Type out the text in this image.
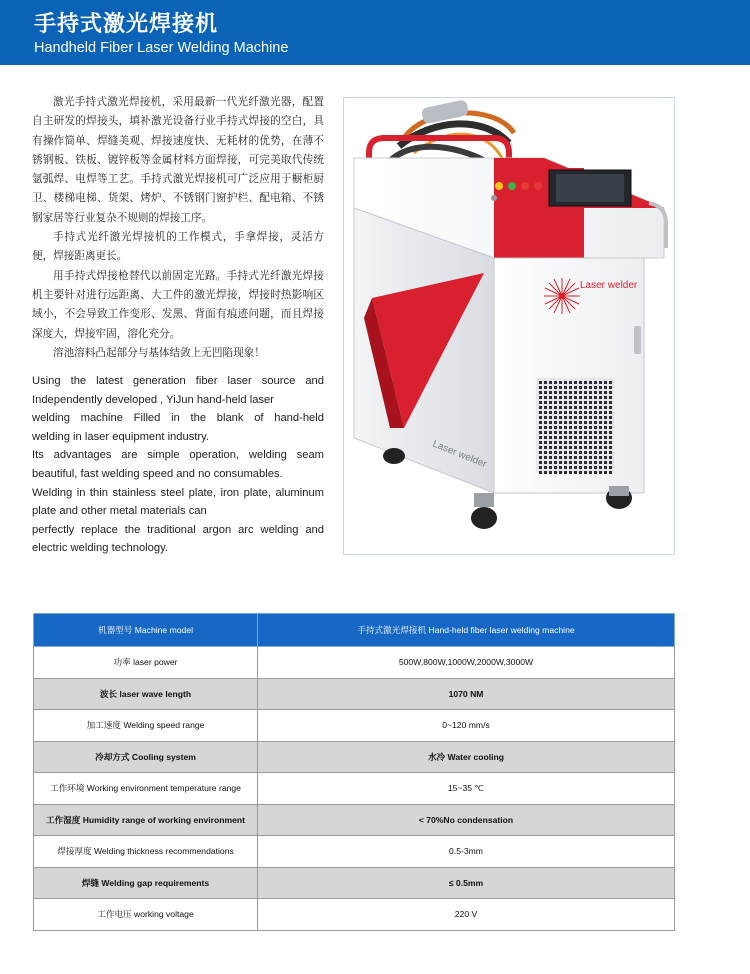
手持式激光焊接机
Handheld Fiber Laser Welding Machine

激光手持式激光焊接机，采用最新一代光纤激光器，配置自主研发的焊接头，填补激光设备行业手持式焊接的空白，具有操作简单、焊缝美观、焊接速度快、无耗材的优势，在薄不锈钢板、铁板、镀锌板等金属材料方面焊接，可完美取代传统氩弧焊、电焊等工艺。手持式激光焊接机可广泛应用于橱柜厨卫、楼梯电梯、货架、烤炉、不锈钢门窗护栏、配电箱、不锈钢家居等行业复杂不规则的焊接工序。

手持式光纤激光焊接机的工作模式，手拿焊接，灵活方便，焊接距离更长。

用手持式焊接枪替代以前固定光路。手持式光纤激光焊接机主要针对进行远距离、大工件的激光焊接，焊接时热影响区域小，不会导致工作变形、发黑、背面有痕迹问题，而且焊接深度大，焊接牢固，溶化充分。

溶池溶料凸起部分与基体结敛上无凹陷现象！

Using the latest generation fiber laser source and

Independently developed , YiJun hand-held laser

welding machine Filled in the blank of hand-held

welding in laser equipment industry.

Its advantages are simple operation, welding seam

beautiful, fast welding speed and no consumables.

Welding in thin stainless steel plate, iron plate, aluminum

plate and other metal materials can

perfectly replace the traditional argon arc welding and

electric welding technology.

Laser welder
Laser welder
机器型号 Machine model	手持式激光焊接机 Hand-held fiber laser welding machine
功率 laser power	500W,800W,1000W,2000W,3000W
波长 laser wave length	1070 NM
加工速度 Welding speed range	0~120 mm/s
冷却方式 Cooling system	水冷 Water cooling
工作环境 Working environment temperature range	15~35 ℃
工作湿度 Humidity range of working environment	< 70%No condensation
焊接厚度 Welding thickness recommendations	0.5-3mm
焊缝 Welding gap requirements	≤ 0.5mm
工作电压 working voltage	220 V
